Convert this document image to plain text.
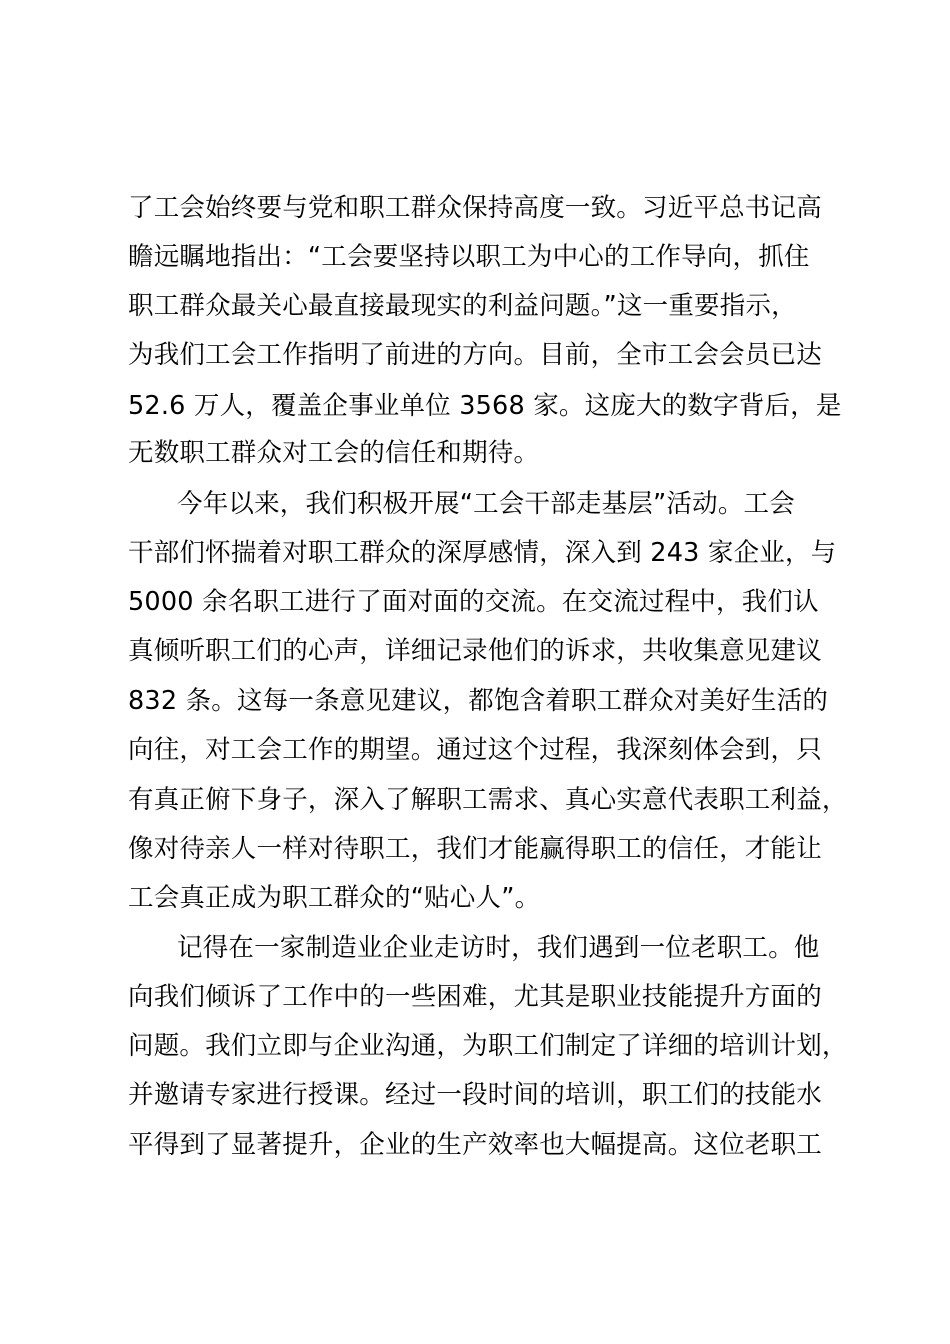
了工会始终要与党和职工群众保持高度一致。习近平总书记高
瞻远瞩地指出：“工会要坚持以职工为中心的工作导向，抓住
职工群众最关心最直接最现实的利益问题。”这一重要指示，
为我们工会工作指明了前进的方向。目前，全市工会会员已达
52.6 万人，覆盖企事业单位 3568 家。这庞大的数字背后，是
无数职工群众对工会的信任和期待。
今年以来，我们积极开展“工会干部走基层”活动。工会
干部们怀揣着对职工群众的深厚感情，深入到 243 家企业，与
5000 余名职工进行了面对面的交流。在交流过程中，我们认
真倾听职工们的心声，详细记录他们的诉求，共收集意见建议
832 条。这每一条意见建议，都饱含着职工群众对美好生活的
向往，对工会工作的期望。通过这个过程，我深刻体会到，只
有真正俯下身子，深入了解职工需求、真心实意代表职工利益，
像对待亲人一样对待职工，我们才能赢得职工的信任，才能让
工会真正成为职工群众的“贴心人”。
记得在一家制造业企业走访时，我们遇到一位老职工。他
向我们倾诉了工作中的一些困难，尤其是职业技能提升方面的
问题。我们立即与企业沟通，为职工们制定了详细的培训计划，
并邀请专家进行授课。经过一段时间的培训，职工们的技能水
平得到了显著提升，企业的生产效率也大幅提高。这位老职工
